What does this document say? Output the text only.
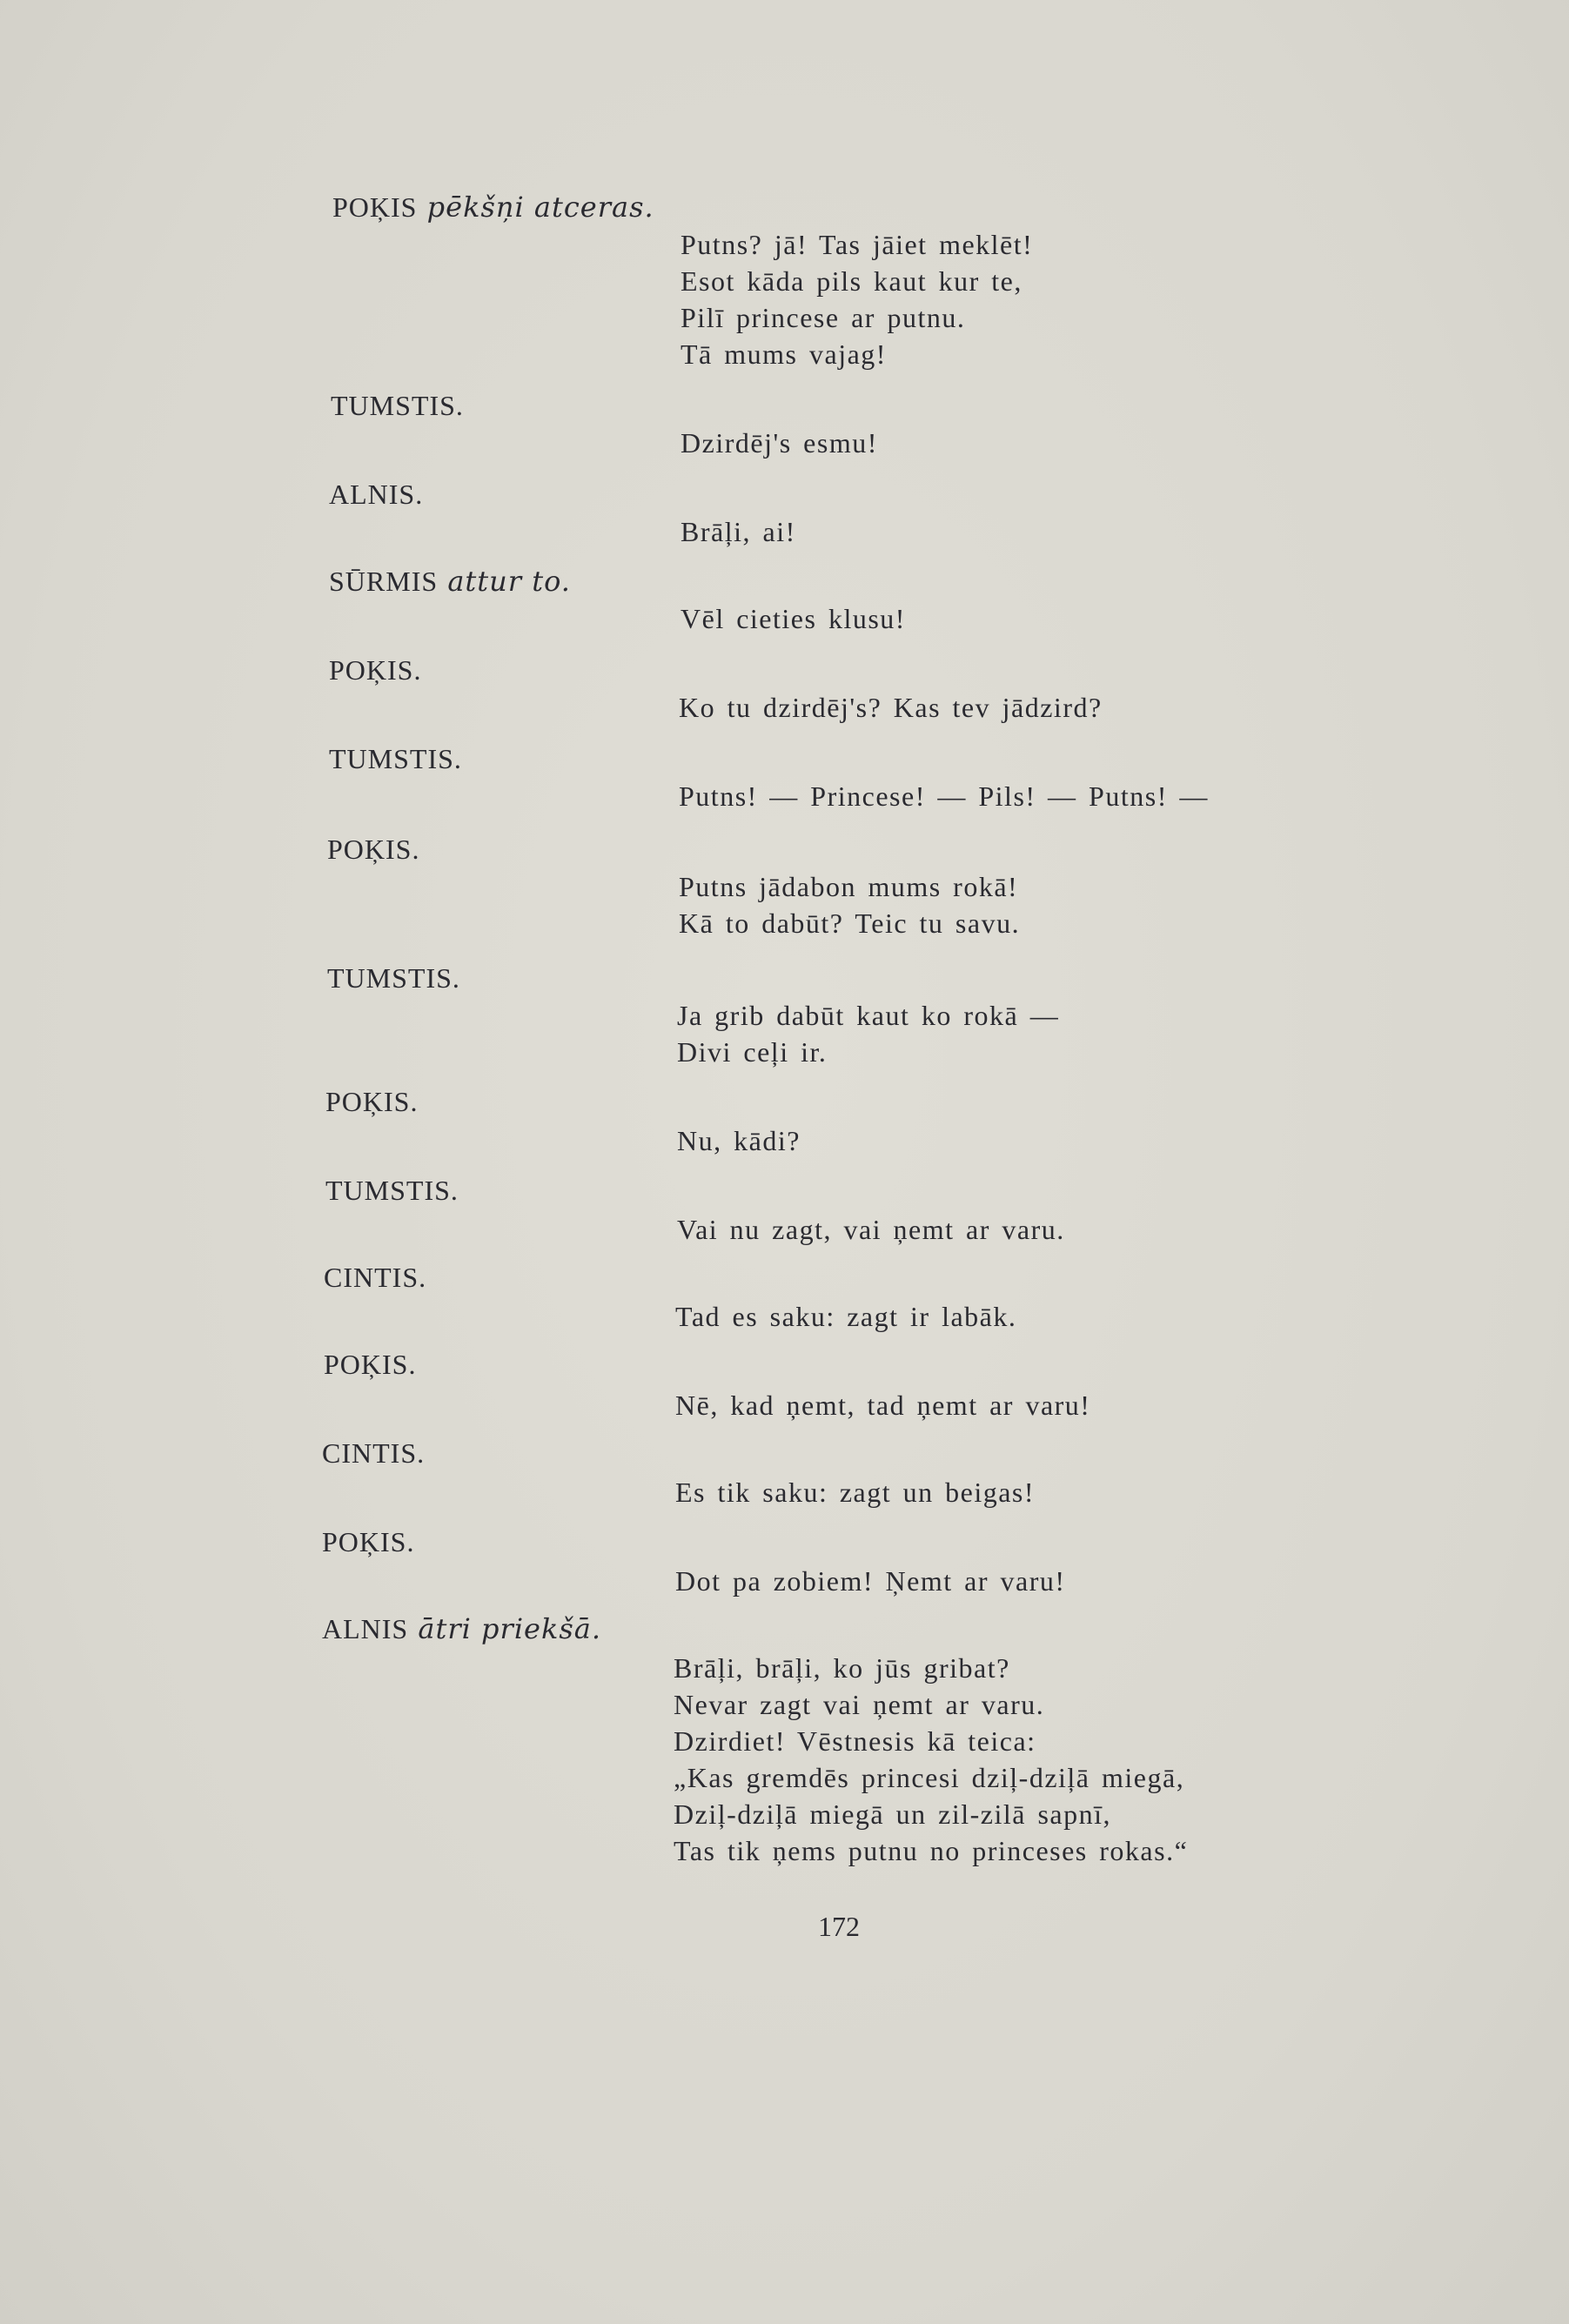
POĶIS pēkšņi atceras.
TUMSTIS.
ALNIS.
SŪRMIS attur to.
POĶIS.
TUMSTIS.
POĶIS.
TUMSTIS.
POĶIS.
TUMSTIS.
CINTIS.
POĶIS.
CINTIS.
POĶIS.
ALNIS ātri priekšā.
Putns? jā! Tas jāiet meklēt!
Esot kāda pils kaut kur te,
Pilī princese ar putnu.
Tā mums vajag!
Dzirdēj's esmu!
Brāļi, ai!
Vēl cieties klusu!
Ko tu dzirdēj's? Kas tev jādzird?
Putns! — Princese! — Pils! — Putns! —
Putns jādabon mums rokā!
Kā to dabūt? Teic tu savu.
Ja grib dabūt kaut ko rokā —
Divi ceļi ir.
Nu, kādi?
Vai nu zagt, vai ņemt ar varu.
Tad es saku: zagt ir labāk.
Nē, kad ņemt, tad ņemt ar varu!
Es tik saku: zagt un beigas!
Dot pa zobiem! Ņemt ar varu!
Brāļi, brāļi, ko jūs gribat?
Nevar zagt vai ņemt ar varu.
Dzirdiet! Vēstnesis kā teica:
„Kas gremdēs princesi dziļ-dziļā miegā,
Dziļ-dziļā miegā un zil-zilā sapnī,
Tas tik ņems putnu no princeses rokas.“
172
